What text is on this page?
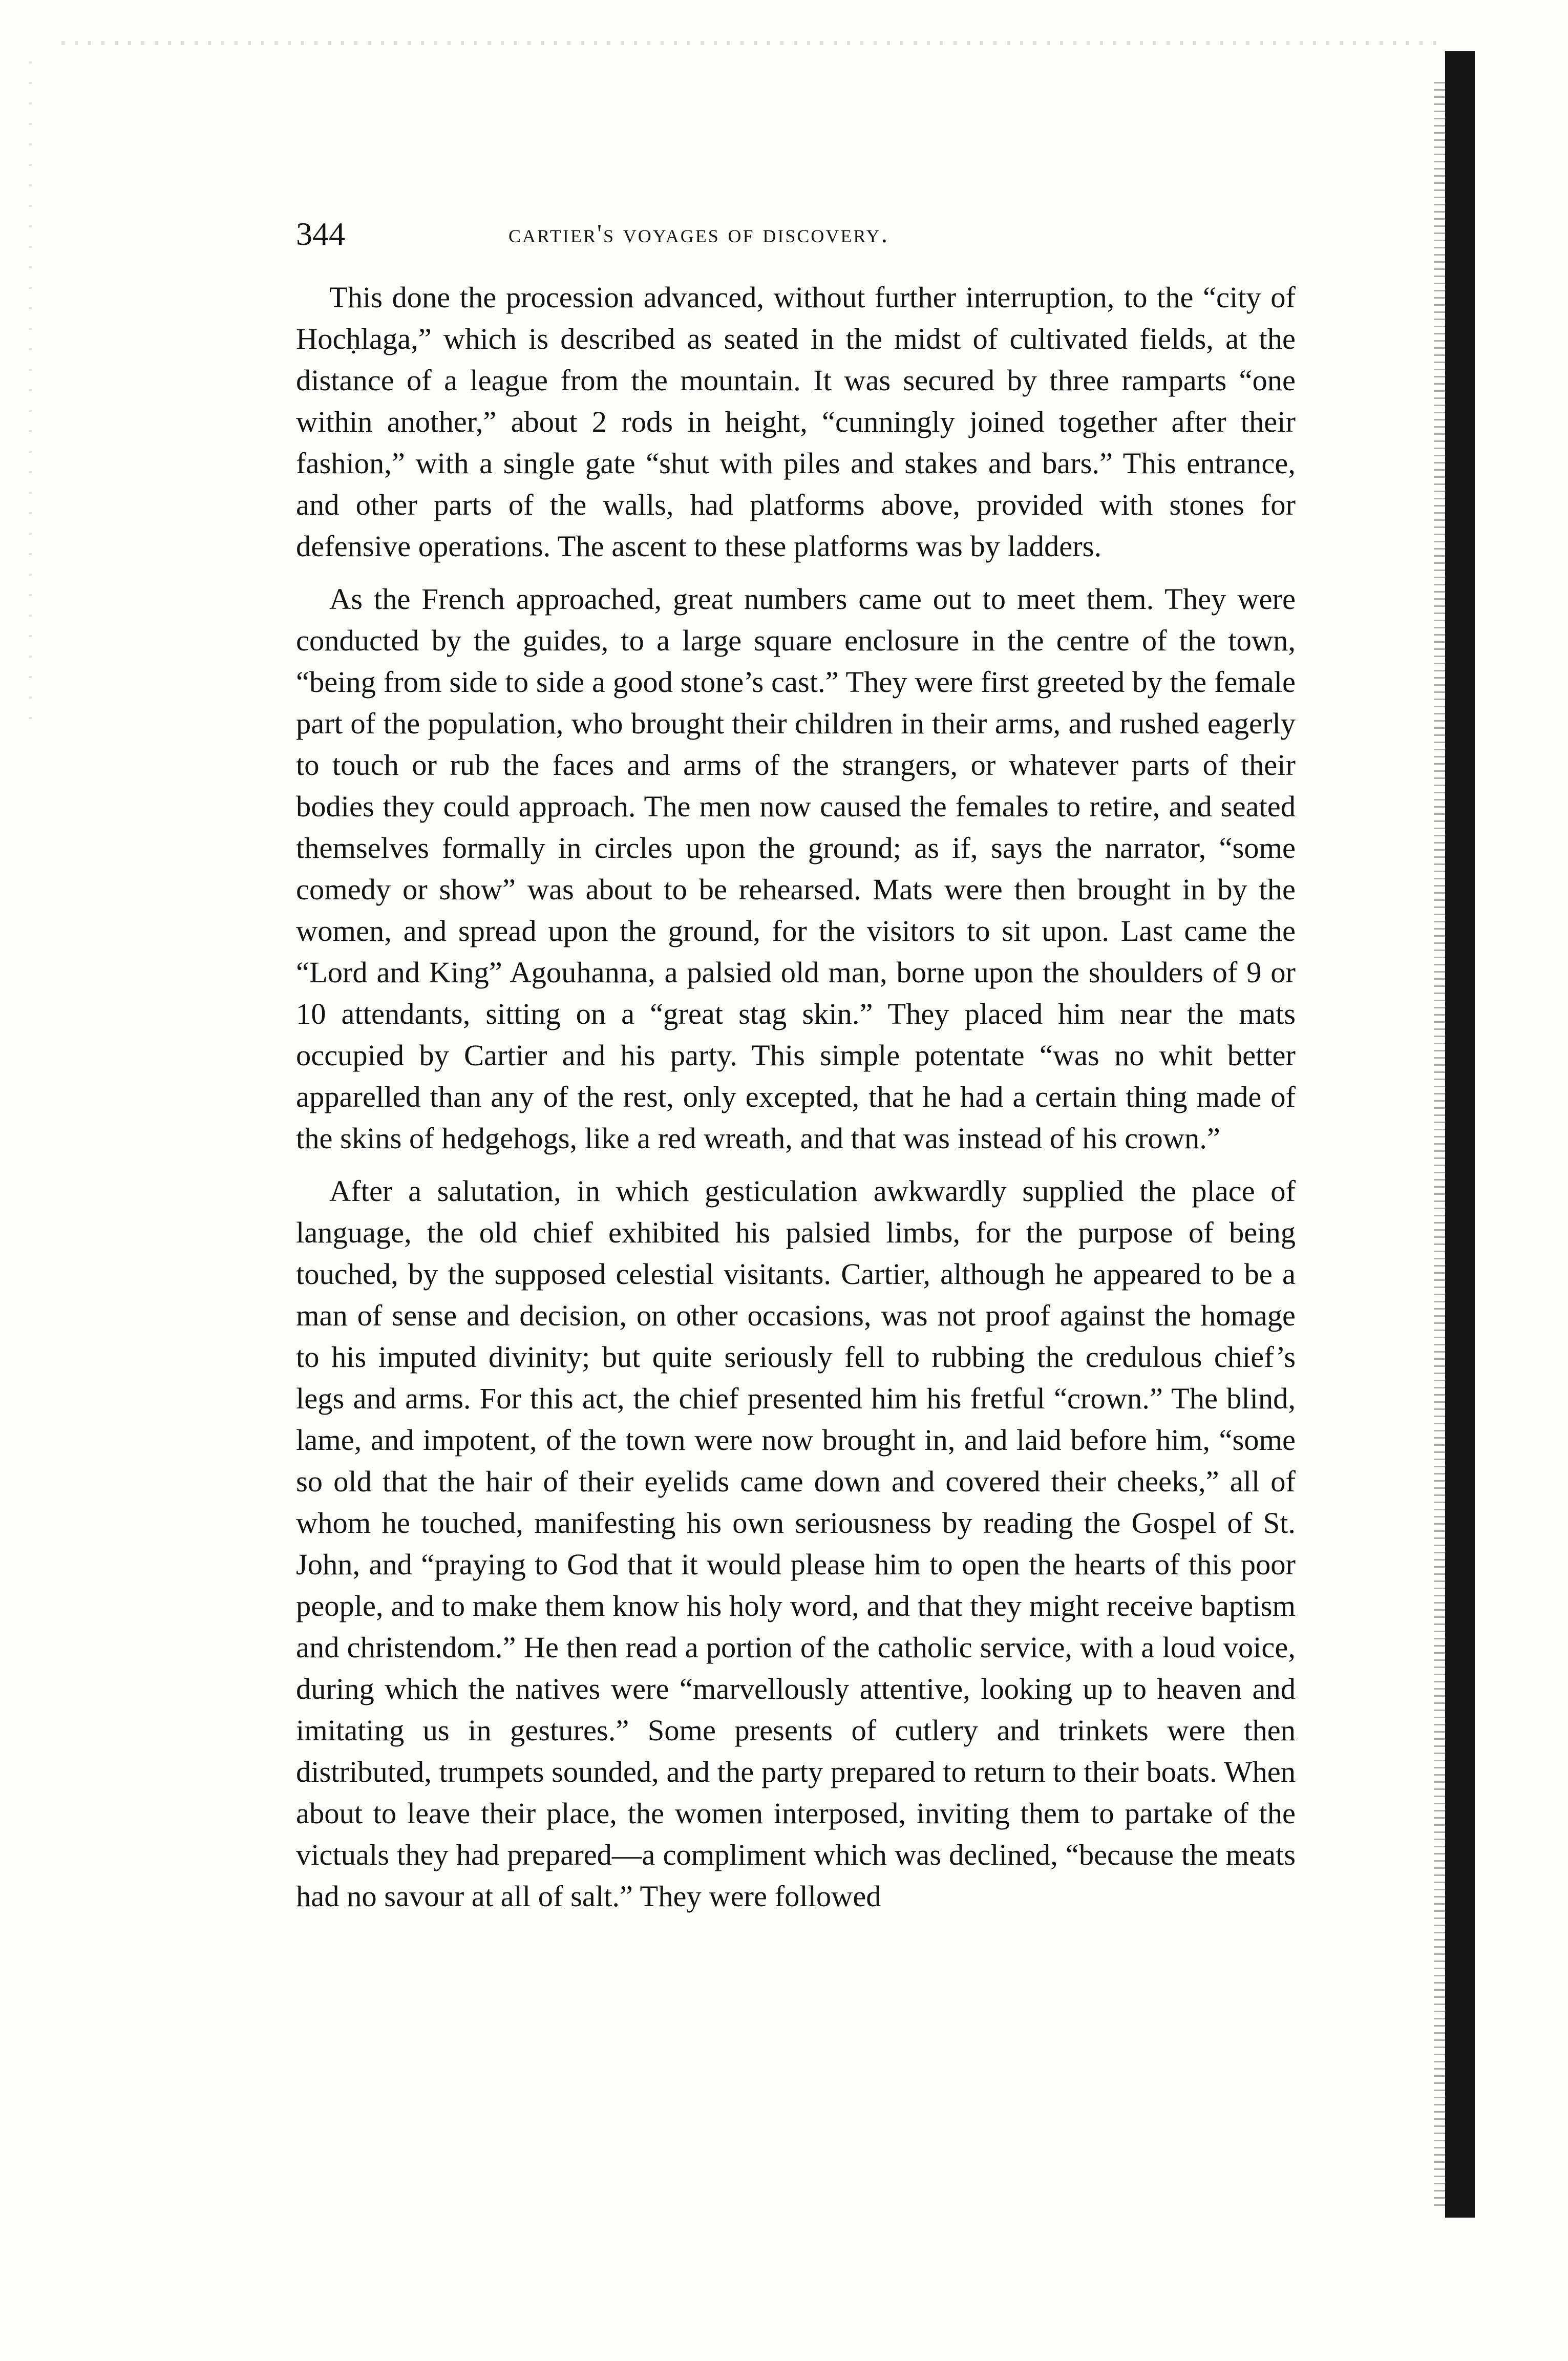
344	cartier's voyages of discovery.

This done the procession advanced, without further interruption, to the “city of Hocḥlaga,” which is described as seated in the midst of cultivated fields, at the distance of a league from the mountain. It was secured by three ramparts “one within another,” about 2 rods in height, “cunningly joined together after their fashion,” with a single gate “shut with piles and stakes and bars.” This entrance, and other parts of the walls, had platforms above, provided with stones for defensive operations. The ascent to these platforms was by ladders.

As the French approached, great numbers came out to meet them. They were conducted by the guides, to a large square enclosure in the centre of the town, “being from side to side a good stone’s cast.” They were first greeted by the female part of the population, who brought their children in their arms, and rushed eagerly to touch or rub the faces and arms of the strangers, or whatever parts of their bodies they could approach. The men now caused the females to retire, and seated themselves formally in circles upon the ground; as if, says the narrator, “some comedy or show” was about to be rehearsed. Mats were then brought in by the women, and spread upon the ground, for the visitors to sit upon. Last came the “Lord and King” Agouhanna, a palsied old man, borne upon the shoulders of 9 or 10 attendants, sitting on a “great stag skin.” They placed him near the mats occupied by Cartier and his party. This simple potentate “was no whit better apparelled than any of the rest, only excepted, that he had a certain thing made of the skins of hedgehogs, like a red wreath, and that was instead of his crown.”

After a salutation, in which gesticulation awkwardly supplied the place of language, the old chief exhibited his palsied limbs, for the purpose of being touched, by the supposed celestial visitants. Cartier, although he appeared to be a man of sense and decision, on other occasions, was not proof against the homage to his imputed divinity; but quite seriously fell to rubbing the credulous chief’s legs and arms. For this act, the chief presented him his fretful “crown.” The blind, lame, and impotent, of the town were now brought in, and laid before him, “some so old that the hair of their eyelids came down and covered their cheeks,” all of whom he touched, manifesting his own seriousness by reading the Gospel of St. John, and “praying to God that it would please him to open the hearts of this poor people, and to make them know his holy word, and that they might receive baptism and christendom.” He then read a portion of the catholic service, with a loud voice, during which the natives were “marvellously attentive, looking up to heaven and imitating us in gestures.” Some presents of cutlery and trinkets were then distributed, trumpets sounded, and the party prepared to return to their boats. When about to leave their place, the women interposed, inviting them to partake of the victuals they had prepared—a compliment which was declined, “because the meats had no savour at all of salt.” They were followed
